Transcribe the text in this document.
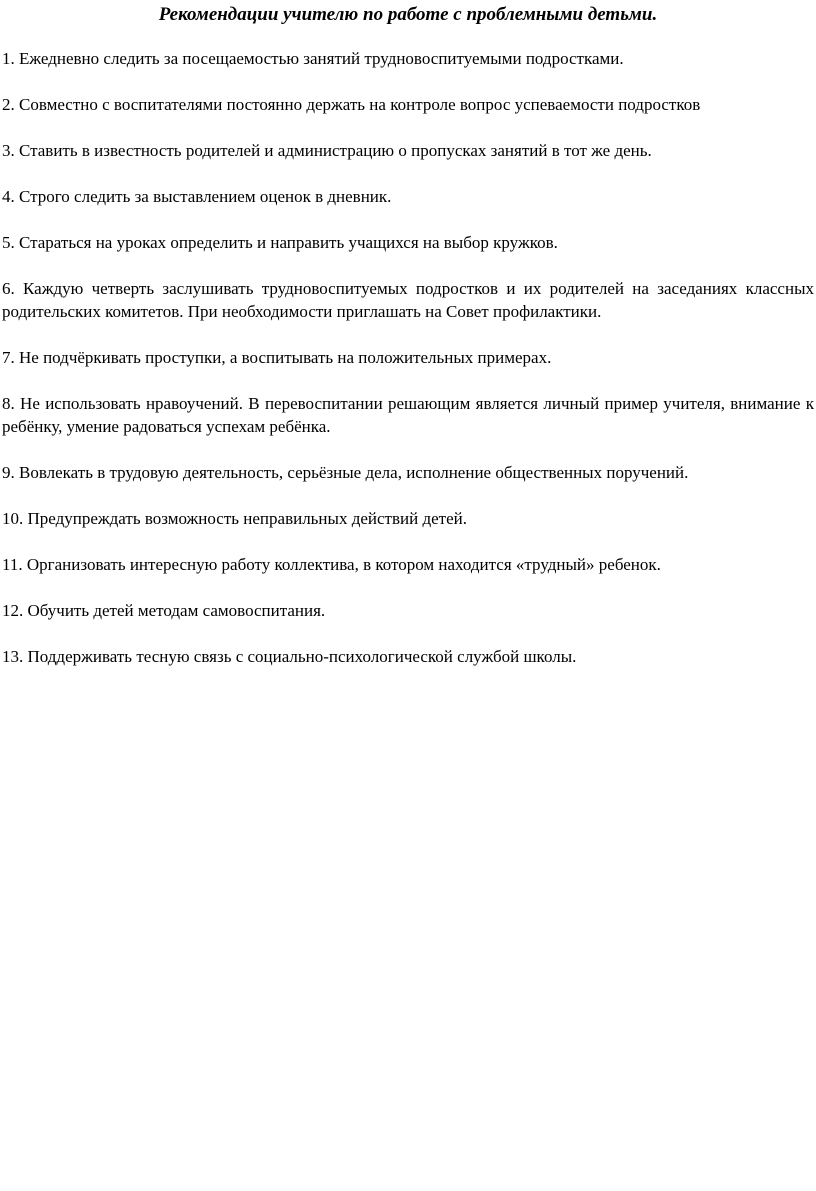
Рекомендации учителю по работе с проблемными детьми.
1. Ежедневно следить за посещаемостью занятий трудновоспитуемыми подростками.
2. Совместно с воспитателями постоянно держать на контроле вопрос успеваемости подростков
3. Ставить в известность родителей и администрацию о пропусках занятий в тот же день.
4. Строго следить за выставлением оценок в дневник.
5. Стараться на уроках определить и направить учащихся на выбор кружков.
6. Каждую четверть заслушивать трудновоспитуемых подростков и их родителей на заседаниях классных родительских комитетов. При необходимости приглашать на Совет профилактики.
7. Не подчёркивать проступки, а воспитывать на положительных примерах.
8. Не использовать нравоучений. В перевоспитании решающим является личный пример учителя, внимание к ребёнку, умение радоваться успехам ребёнка.
9. Вовлекать в трудовую деятельность, серьёзные дела, исполнение общественных поручений.
10. Предупреждать возможность неправильных действий детей.
11. Организовать интересную работу коллектива, в котором находится «трудный» ребенок.
12. Обучить детей методам самовоспитания.
13. Поддерживать тесную связь с социально-психологической службой школы.
